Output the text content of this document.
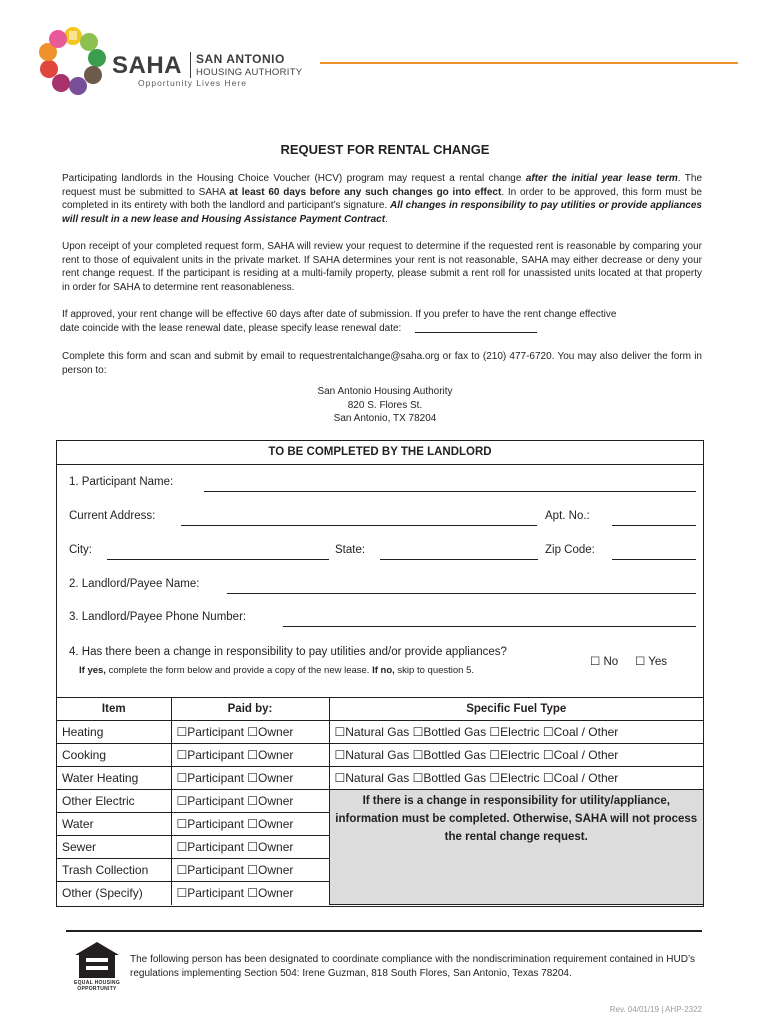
SAHA SAN ANTONIO
HOUSING AUTHORITY
Opportunity Lives Here
REQUEST FOR RENTAL CHANGE
Participating landlords in the Housing Choice Voucher (HCV) program may request a rental change after the initial year lease term. The request must be submitted to SAHA at least 60 days before any such changes go into effect. In order to be approved, this form must be completed in its entirety with both the landlord and participant’s signature. All changes in responsibility to pay utilities or provide appliances will result in a new lease and Housing Assistance Payment Contract.
Upon receipt of your completed request form, SAHA will review your request to determine if the requested rent is reasonable by comparing your rent to those of equivalent units in the private market. If SAHA determines your rent is not reasonable, SAHA may either decrease or deny your rent change request. If the participant is residing at a multi-family property, please submit a rent roll for unassisted units located at that property in order for SAHA to determine rent reasonableness.
If approved, your rent change will be effective 60 days after date of submission. If you prefer to have the rent change effective
date coincide with the lease renewal date, please specify lease renewal date:
Complete this form and scan and submit by email to requestrentalchange@saha.org or fax to (210) 477-6720. You may also deliver the form in person to:
San Antonio Housing Authority
820 S. Flores St.
San Antonio, TX 78204
TO BE COMPLETED BY THE LANDLORD
1. Participant Name:
Current Address:	Apt. No.:
City:	State:	Zip Code:
2. Landlord/Payee Name:
3. Landlord/Payee Phone Number:
4. Has there been a change in responsibility to pay utilities and/or provide appliances?
If yes, complete the form below and provide a copy of the new lease. If no, skip to question 5.
☐ No ☐ Yes
Item	Paid by:	Specific Fuel Type
Heating	☐Participant ☐Owner	☐Natural Gas ☐Bottled Gas ☐Electric ☐Coal / Other
Cooking	☐Participant ☐Owner	☐Natural Gas ☐Bottled Gas ☐Electric ☐Coal / Other
Water Heating	☐Participant ☐Owner	☐Natural Gas ☐Bottled Gas ☐Electric ☐Coal / Other
Other Electric	☐Participant ☐Owner	If there is a change in responsibility for utility/appliance, information must be completed. Otherwise, SAHA will not process the rental change request.
Water	☐Participant ☐Owner	
Sewer	☐Participant ☐Owner	
Trash Collection	☐Participant ☐Owner	
Other (Specify)	☐Participant ☐Owner	
EQUAL HOUSING
OPPORTUNITY
The following person has been designated to coordinate compliance with the nondiscrimination requirement contained in HUD’s regulations implementing Section 504: Irene Guzman, 818 South Flores, San Antonio, Texas 78204.
Rev. 04/01/19 | AHP-2322
